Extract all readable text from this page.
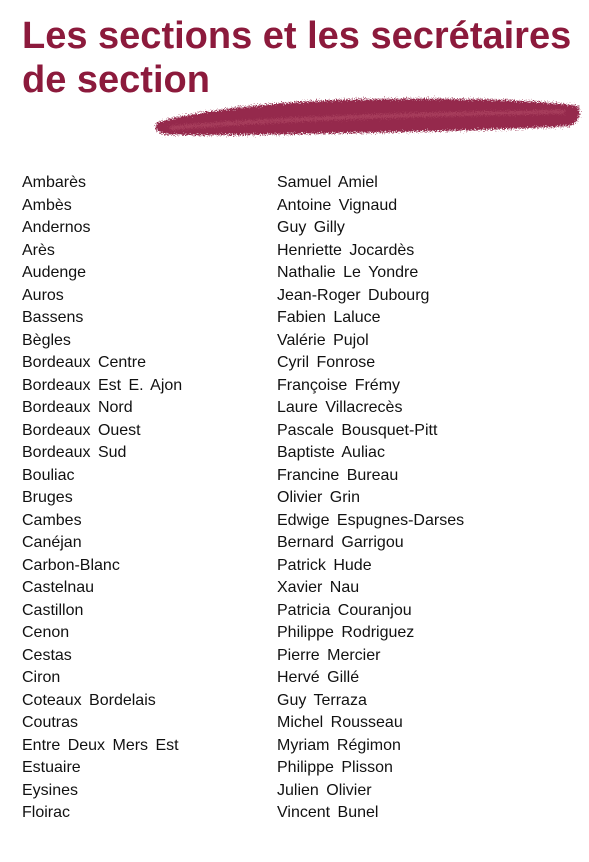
Les sections et les secrétaires
de section
Ambarès
Ambès
Andernos
Arès
Audenge
Auros
Bassens
Bègles
Bordeaux Centre
Bordeaux Est E. Ajon
Bordeaux Nord
Bordeaux Ouest
Bordeaux Sud
Bouliac
Bruges
Cambes
Canéjan
Carbon-Blanc
Castelnau
Castillon
Cenon
Cestas
Ciron
Coteaux Bordelais
Coutras
Entre Deux Mers Est
Estuaire
Eysines
Floirac
Samuel Amiel
Antoine Vignaud
Guy Gilly
Henriette Jocardès
Nathalie Le Yondre
Jean-Roger Dubourg
Fabien Laluce
Valérie Pujol
Cyril Fonrose
Françoise Frémy
Laure Villacrecès
Pascale Bousquet-Pitt
Baptiste Auliac
Francine Bureau
Olivier Grin
Edwige Espugnes-Darses
Bernard Garrigou
Patrick Hude
Xavier Nau
Patricia Couranjou
Philippe Rodriguez
Pierre Mercier
Hervé Gillé
Guy Terraza
Michel Rousseau
Myriam Régimon
Philippe Plisson
Julien Olivier
Vincent Bunel
